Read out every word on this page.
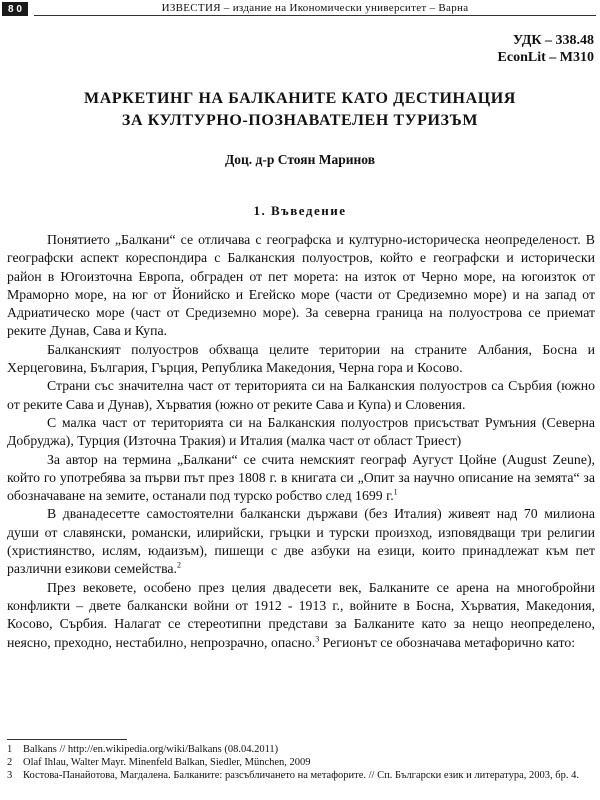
8 0	ИЗВЕСТИЯ – издание на Икономически университет – Варна
УДК – 338.48
EconLit – M310
МАРКЕТИНГ НА БАЛКАНИТЕ КАТО ДЕСТИНАЦИЯ
ЗА КУЛТУРНО-ПОЗНАВАТЕЛЕН ТУРИЗЪМ
Доц. д-р Стоян Маринов
1. Въведение

Понятието „Балкани“ се отличава с географска и културно-историческа неопределеност. В географски аспект кореспондира с Балканския полуостров, който е географски и исторически район в Югоизточна Европа, обграден от пет морета: на изток от Черно море, на югоизток от Мраморно море, на юг от Йонийско и Егейско море (части от Средиземно море) и на запад от Адриатическо море (част от Средиземно море). За северна граница на полуострова се приемат реките Дунав, Сава и Купа.

Балканският полуостров обхваща целите територии на страните Албания, Босна и Херцеговина, България, Гърция, Република Македония, Черна гора и Косово.

Страни със значителна част от територията си на Балканския полуостров са Сърбия (южно от реките Сава и Дунав), Хърватия (южно от реките Сава и Купа) и Словения.

С малка част от територията си на Балканския полуостров присъстват Румъния (Северна Добруджа), Турция (Източна Тракия) и Италия (малка част от област Триест)

За автор на термина „Балкани“ се счита немският географ Аугуст Цойне (August Zeune), който го употребява за първи път през 1808 г. в книгата си „Опит за научно описание на земята“ за обозначаване на земите, останали под турско робство след 1699 г.$^1$

В дванадесетте самостоятелни балкански държави (без Италия) живеят над 70 милиона души от славянски, романски, илирийски, гръцки и турски произход, изповядващи три религии (християнство, ислям, юдаизъм), пишещи с две азбуки на езици, които принадлежат към пет различни езикови семейства.$^2$

През вековете, особено през целия двадесети век, Балканите се арена на многобройни конфликти – двете балкански войни от 1912 - 1913 г., войните в Босна, Хърватия, Македония, Косово, Сърбия. Налагат се стереотипни представи за Балканите като за нещо неопределено, неясно, преходно, нестабилно, непрозрачно, опасно.$^3$ Регионът се обозначава метафорично като:

1	Balkans // http://en.wikipedia.org/wiki/Balkans (08.04.2011)
2	Olaf Ihlau, Walter Mayr. Minenfeld Balkan, Siedler, München, 2009
3	Костова-Панайотова, Магдалена. Балканите: разсъбличането на метафорите. // Сп. Български език и литература, 2003, бр. 4.
